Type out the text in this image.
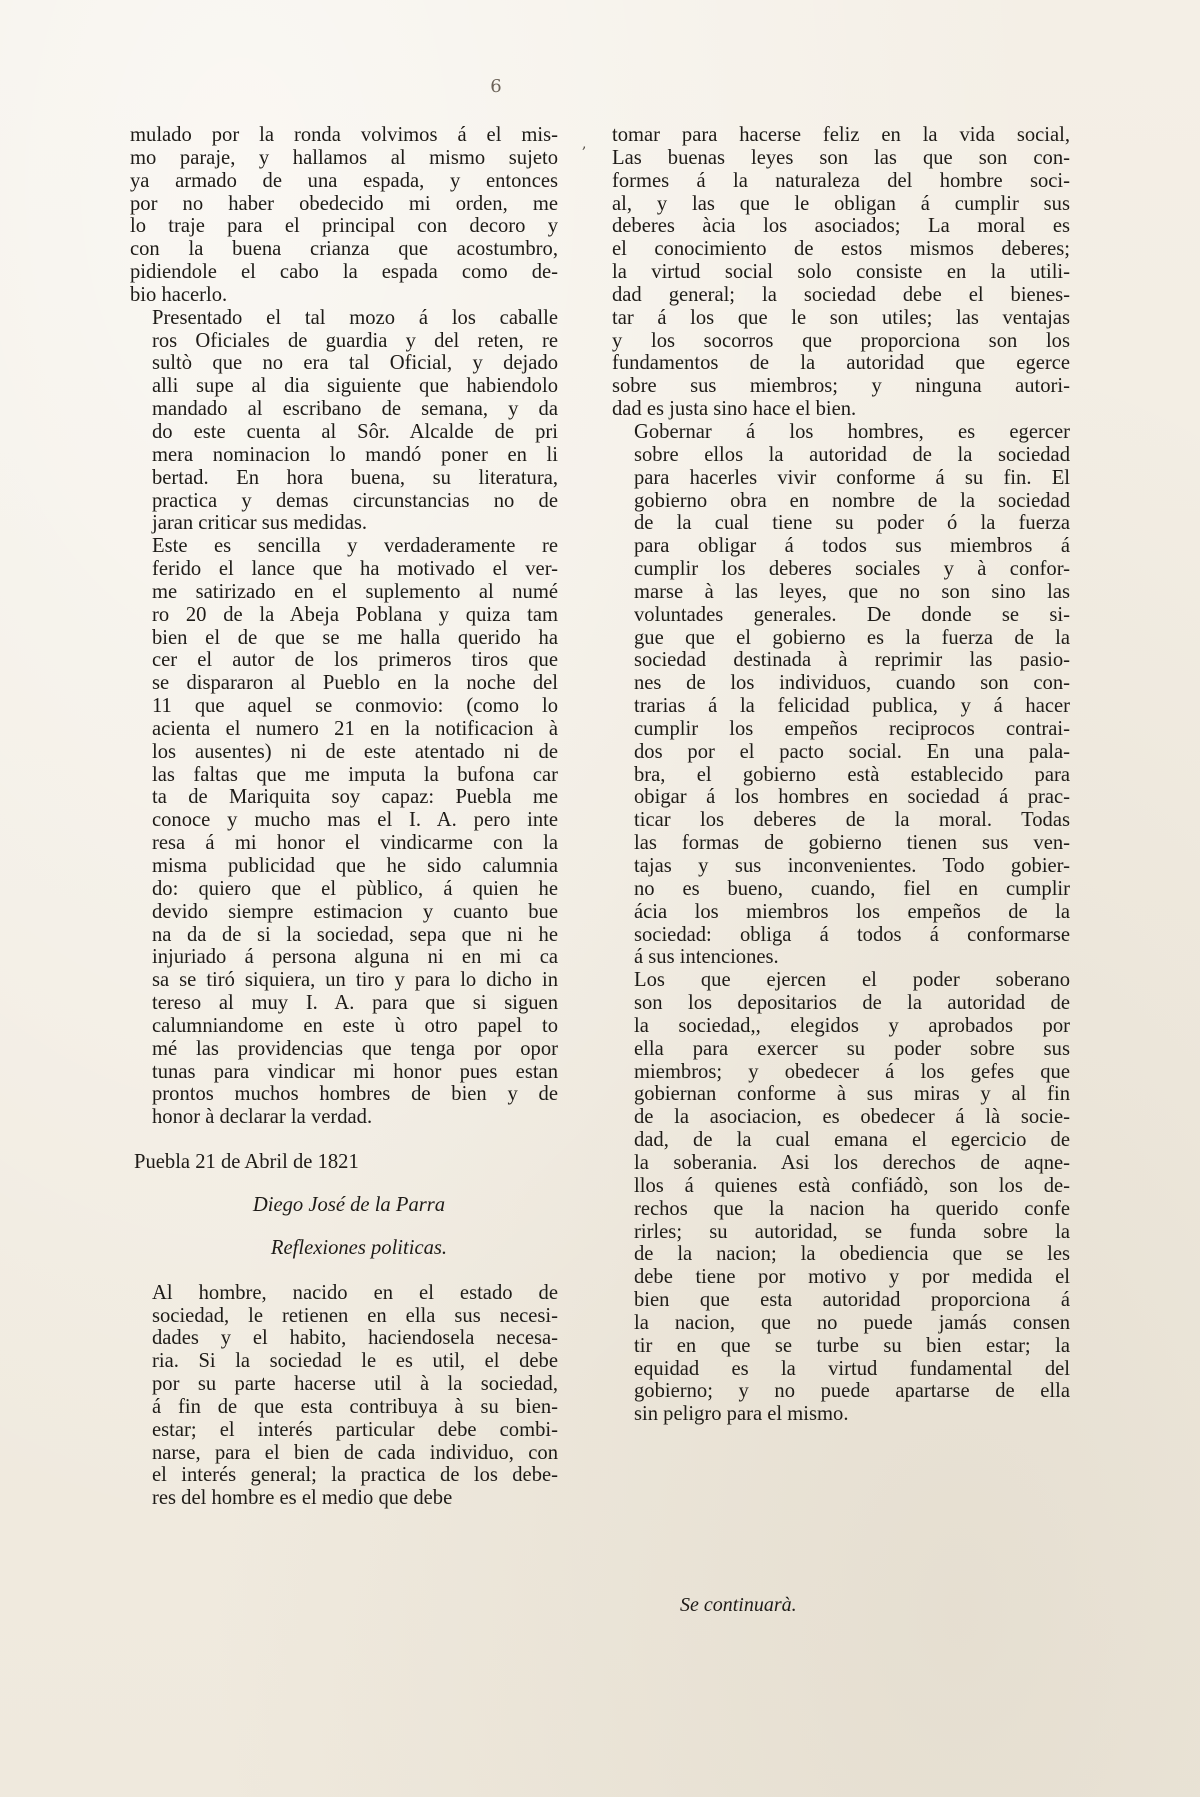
6
,

mulado por la ronda volvimos á el mis-
mo paraje, y hallamos al mismo sujeto
ya armado de una espada, y entonces
por no haber obedecido mi orden, me
lo traje para el principal con decoro y
con la buena crianza que acostumbro,
pidiendole el cabo la espada como de-
bio hacerlo.

Presentado el tal mozo á los caballe
ros Oficiales de guardia y del reten, re
sultò que no era tal Oficial, y dejado
alli supe al dia siguiente que habiendolo
mandado al escribano de semana, y da
do este cuenta al Sôr. Alcalde de pri
mera nominacion lo mandó poner en li
bertad. En hora buena, su literatura,
practica y demas circunstancias no de
jaran criticar sus medidas.

Este es sencilla y verdaderamente re
ferido el lance que ha motivado el ver-
me satirizado en el suplemento al numé
ro 20 de la Abeja Poblana y quiza tam
bien el de que se me halla querido ha
cer el autor de los primeros tiros que
se dispararon al Pueblo en la noche del
11 que aquel se conmovio: (como lo
acienta el numero 21 en la notificacion à
los ausentes) ni de este atentado ni de
las faltas que me imputa la bufona car
ta de Mariquita soy capaz: Puebla me
conoce y mucho mas el I. A. pero inte
resa á mi honor el vindicarme con la
misma publicidad que he sido calumnia
do: quiero que el pùblico, á quien he
devido siempre estimacion y cuanto bue
na da de si la sociedad, sepa que ni he
injuriado á persona alguna ni en mi ca
sa se tiró siquiera, un tiro y para lo dicho in
tereso al muy I. A. para que si siguen
calumniandome en este ù otro papel to
mé las providencias que tenga por opor
tunas para vindicar mi honor pues estan
prontos muchos hombres de bien y de
honor à declarar la verdad.

Puebla 21 de Abril de 1821

Diego José de la Parra

Reflexiones politicas.

Al hombre, nacido en el estado de
sociedad, le retienen en ella sus necesi-
dades y el habito, haciendosela necesa-
ria. Si la sociedad le es util, el debe
por su parte hacerse util à la sociedad,
á fin de que esta contribuya à su bien-
estar; el interés particular debe combi-
narse, para el bien de cada individuo, con
el interés general; la practica de los debe-
res del hombre es el medio que debe

tomar para hacerse feliz en la vida social,
Las buenas leyes son las que son con-
formes á la naturaleza del hombre soci-
al, y las que le obligan á cumplir sus
deberes àcia los asociados; La moral es
el conocimiento de estos mismos deberes;
la virtud social solo consiste en la utili-
dad general; la sociedad debe el bienes-
tar á los que le son utiles; las ventajas
y los socorros que proporciona son los
fundamentos de la autoridad que egerce
sobre sus miembros; y ninguna autori-
dad es justa sino hace el bien.

Gobernar á los hombres, es egercer
sobre ellos la autoridad de la sociedad
para hacerles vivir conforme á su fin. El
gobierno obra en nombre de la sociedad
de la cual tiene su poder ó la fuerza
para obligar á todos sus miembros á
cumplir los deberes sociales y à confor-
marse à las leyes, que no son sino las
voluntades generales. De donde se si-
gue que el gobierno es la fuerza de la
sociedad destinada à reprimir las pasio-
nes de los individuos, cuando son con-
trarias á la felicidad publica, y á hacer
cumplir los empeños reciprocos contrai-
dos por el pacto social. En una pala-
bra, el gobierno està establecido para
obigar á los hombres en sociedad á prac-
ticar los deberes de la moral. Todas
las formas de gobierno tienen sus ven-
tajas y sus inconvenientes. Todo gobier-
no es bueno, cuando, fiel en cumplir
ácia los miembros los empeños de la
sociedad: obliga á todos á conformarse
á sus intenciones.

Los que ejercen el poder soberano
son los depositarios de la autoridad de
la sociedad,, elegidos y aprobados por
ella para exercer su poder sobre sus
miembros; y obedecer á los gefes que
gobiernan conforme à sus miras y al fin
de la asociacion, es obedecer á là socie-
dad, de la cual emana el egercicio de
la soberania. Asi los derechos de aqne-
llos á quienes està confiádò, son los de-
rechos que la nacion ha querido confe
rirles; su autoridad, se funda sobre la
de la nacion; la obediencia que se les
debe tiene por motivo y por medida el
bien que esta autoridad proporciona á
la nacion, que no puede jamás consen
tir en que se turbe su bien estar; la
equidad es la virtud fundamental del
gobierno; y no puede apartarse de ella
sin peligro para el mismo.

Se continuarà.
